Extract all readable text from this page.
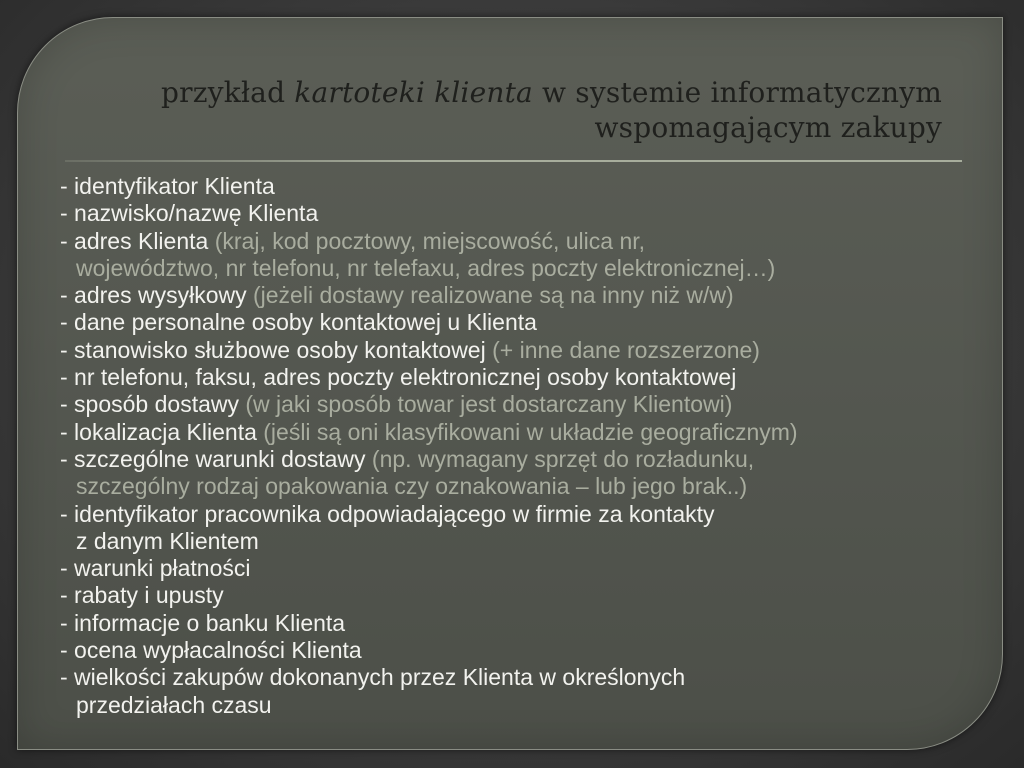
przykład kartoteki klienta w systemie informatycznym
wspomagającym zakupy
- identyfikator Klienta
- nazwisko/nazwę Klienta
- adres Klienta (kraj, kod pocztowy, miejscowość, ulica nr,
województwo, nr telefonu, nr telefaxu, adres poczty elektronicznej…)
- adres wysyłkowy (jeżeli dostawy realizowane są na inny niż w/w)
- dane personalne osoby kontaktowej u Klienta
- stanowisko służbowe osoby kontaktowej (+ inne dane rozszerzone)
- nr telefonu, faksu, adres poczty elektronicznej osoby kontaktowej
- sposób dostawy (w jaki sposób towar jest dostarczany Klientowi)
- lokalizacja Klienta (jeśli są oni klasyfikowani w układzie geograficznym)
- szczególne warunki dostawy (np. wymagany sprzęt do rozładunku,
szczególny rodzaj opakowania czy oznakowania – lub jego brak..)
- identyfikator pracownika odpowiadającego w firmie za kontakty
z danym Klientem
- warunki płatności
- rabaty i upusty
- informacje o banku Klienta
- ocena wypłacalności Klienta
- wielkości zakupów dokonanych przez Klienta w określonych
przedziałach czasu
